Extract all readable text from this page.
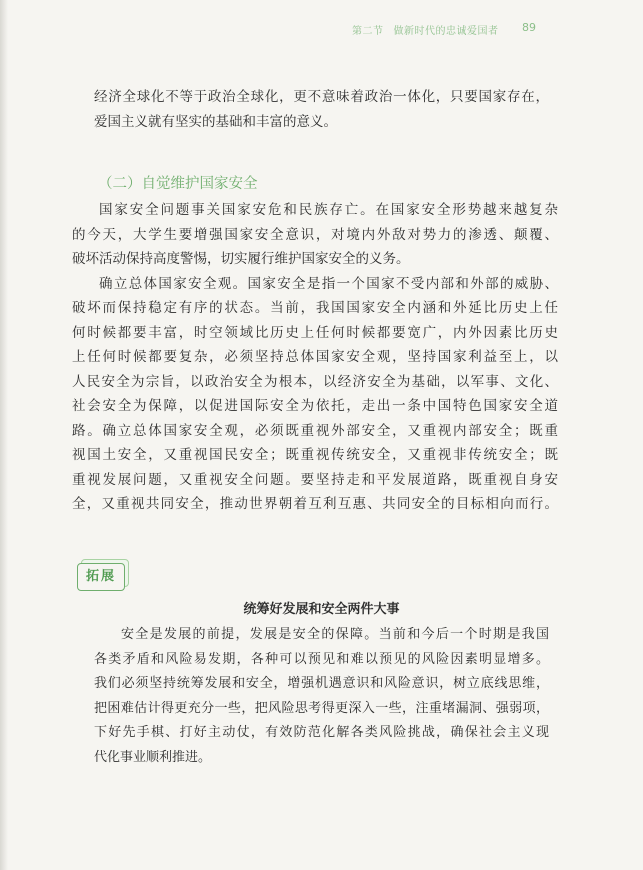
第二节 做新时代的忠诚爱国者 89
经济全球化不等于政治全球化，更不意味着政治一体化，只要国家存在，
爱国主义就有坚实的基础和丰富的意义。
（二）自觉维护国家安全
国家安全问题事关国家安危和民族存亡。在国家安全形势越来越复杂
的今天，大学生要增强国家安全意识，对境内外敌对势力的渗透、颠覆、
破坏活动保持高度警惕，切实履行维护国家安全的义务。
确立总体国家安全观。国家安全是指一个国家不受内部和外部的威胁、
破坏而保持稳定有序的状态。当前，我国国家安全内涵和外延比历史上任
何时候都要丰富，时空领域比历史上任何时候都要宽广，内外因素比历史
上任何时候都要复杂，必须坚持总体国家安全观，坚持国家利益至上，以
人民安全为宗旨，以政治安全为根本，以经济安全为基础，以军事、文化、
社会安全为保障，以促进国际安全为依托，走出一条中国特色国家安全道
路。确立总体国家安全观，必须既重视外部安全，又重视内部安全；既重
视国土安全，又重视国民安全；既重视传统安全，又重视非传统安全；既
重视发展问题，又重视安全问题。要坚持走和平发展道路，既重视自身安
全，又重视共同安全，推动世界朝着互利互惠、共同安全的目标相向而行。
拓展
统筹好发展和安全两件大事
安全是发展的前提，发展是安全的保障。当前和今后一个时期是我国
各类矛盾和风险易发期，各种可以预见和难以预见的风险因素明显增多。
我们必须坚持统筹发展和安全，增强机遇意识和风险意识，树立底线思维，
把困难估计得更充分一些，把风险思考得更深入一些，注重堵漏洞、强弱项，
下好先手棋、打好主动仗，有效防范化解各类风险挑战，确保社会主义现
代化事业顺利推进。
